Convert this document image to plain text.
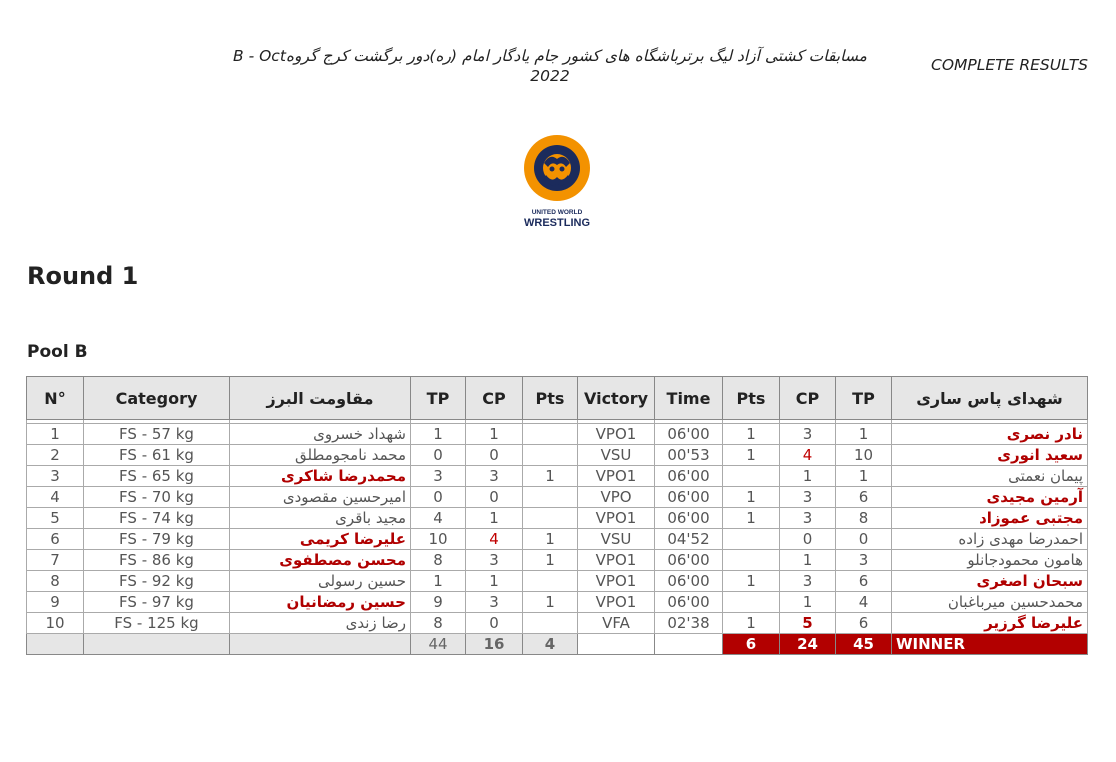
مسابقات کشتی آزاد لیگ برترباشگاه های کشور جام یادگار امام (ره)دور برگشت کرج گروهB - Oct
2022
COMPLETE RESULTS
UNITED WORLD
WRESTLING
Round 1
Pool B
N°	Category	مقاومت البرز	TP	CP	Pts	Victory	Time	Pts	CP	TP	شهدای پاس ساری

1	FS - 57 kg	شهداد خسروی	1	1		VPO1	06'00	1	3	1	نادر نصری
2	FS - 61 kg	محمد نامجومطلق	0	0		VSU	00'53	1	4	10	سعید انوری
3	FS - 65 kg	محمدرضا شاکری	3	3	1	VPO1	06'00		1	1	پیمان نعمتی
4	FS - 70 kg	امیرحسین مقصودی	0	0		VPO	06'00	1	3	6	آرمین مجیدی
5	FS - 74 kg	مجید باقری	4	1		VPO1	06'00	1	3	8	مجتبی عموزاد
6	FS - 79 kg	علیرضا کریمی	10	4	1	VSU	04'52		0	0	احمدرضا مهدی زاده
7	FS - 86 kg	محسن مصطفوی	8	3	1	VPO1	06'00		1	3	هامون محمودجانلو
8	FS - 92 kg	حسین رسولی	1	1		VPO1	06'00	1	3	6	سبحان اصغری
9	FS - 97 kg	حسین رمضانیان	9	3	1	VPO1	06'00		1	4	محمدحسین میرباغبان
10	FS - 125 kg	رضا زندی	8	0		VFA	02'38	1	5	6	علیرضا گرزیر
			44	16	4			6	24	45	WINNER
